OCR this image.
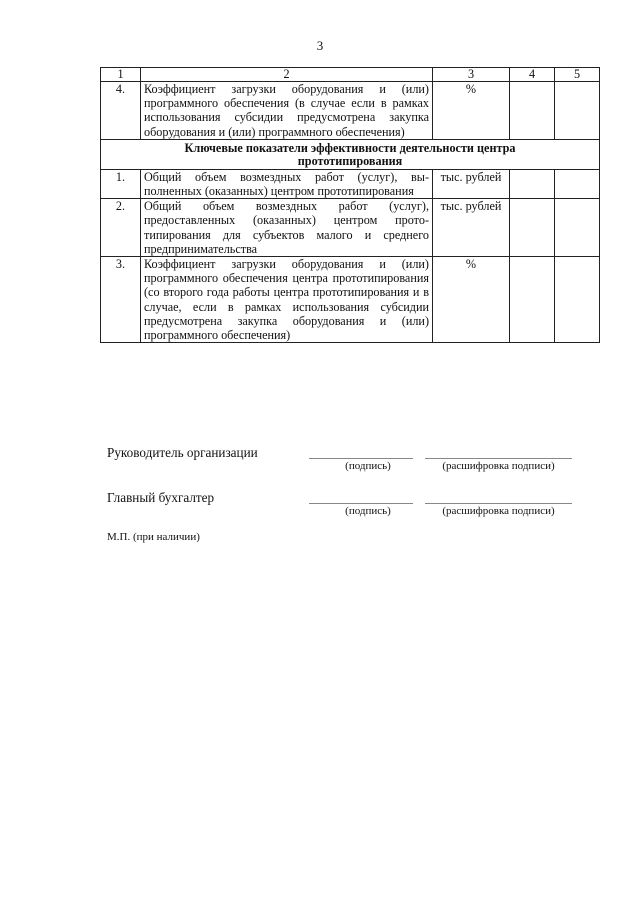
3
1	2	3	4	5
4.	Коэффициент загрузки оборудования и (или) программного обеспечения (в случае если в рамках использования субсидии предусмотрена закупка оборудования и (или) программного обеспечения)	%		
Ключевые показатели эффективности деятельности центра прототипирования				
1.	Общий объем возмездных работ (услуг), выполненных (оказанных) центром прототипирования	тыс. рублей		
2.	Общий объем возмездных работ (услуг), предоставленных (оказанных) центром прототипирования для субъектов малого и среднего предпринимательства	тыс. рублей		
3.	Коэффициент загрузки оборудования и (или) программного обеспечения центра прототипирования (со второго года работы центра прототипирования и в случае, если в рамках использования субсидии предусмотрена закупка оборудования и (или) программного обеспечения)	%		
Руководитель организации
(подпись)	(расшифровка подписи)
Главный бухгалтер
(подпись)	(расшифровка подписи)
М.П. (при наличии)
